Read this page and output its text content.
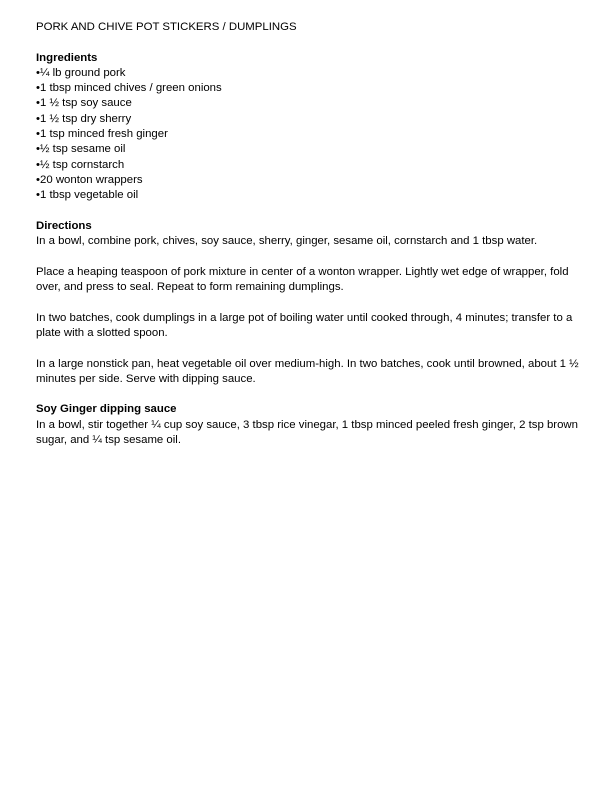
PORK AND CHIVE POT STICKERS / DUMPLINGS
Ingredients
•¼ lb ground pork
•1 tbsp minced chives / green onions
•1 ½ tsp soy sauce
•1 ½ tsp dry sherry
•1 tsp minced fresh ginger
•½ tsp sesame oil
•½ tsp cornstarch
•20 wonton wrappers
•1 tbsp vegetable oil
Directions

In a bowl, combine pork, chives, soy sauce, sherry, ginger, sesame oil, cornstarch and 1 tbsp water.

Place a heaping teaspoon of pork mixture in center of a wonton wrapper. Lightly wet edge of wrapper, fold over, and press to seal. Repeat to form remaining dumplings.

In two batches, cook dumplings in a large pot of boiling water until cooked through, 4 minutes; transfer to a plate with a slotted spoon.

In a large nonstick pan, heat vegetable oil over medium-high. In two batches, cook until browned, about 1 ½ minutes per side. Serve with dipping sauce.

Soy Ginger dipping sauce

In a bowl, stir together ¼ cup soy sauce, 3 tbsp rice vinegar, 1 tbsp minced peeled fresh ginger, 2 tsp brown sugar, and ¼ tsp sesame oil.
